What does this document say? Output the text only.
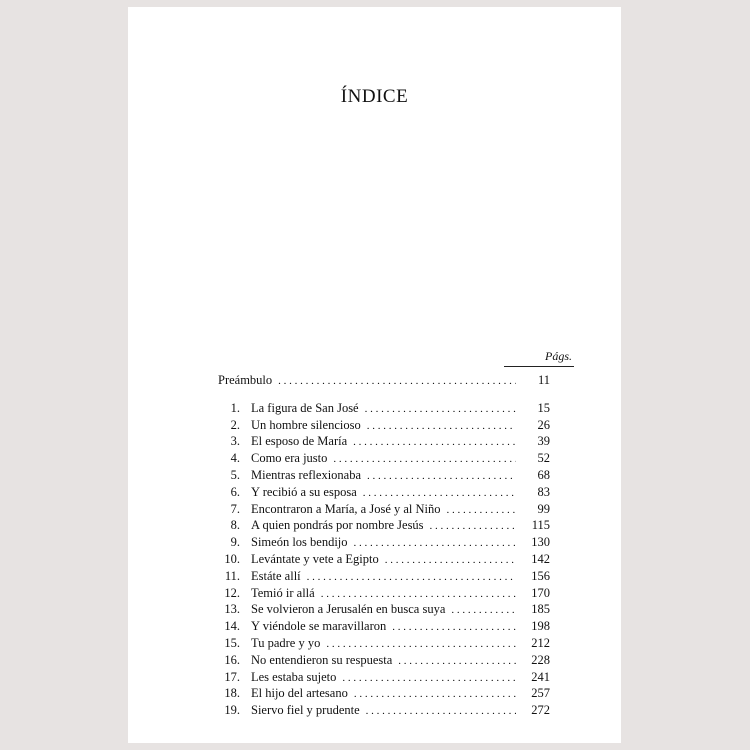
ÍNDICE
Págs.
Preámbulo . . .	11
1. La figura de San José . . .	15
2. Un hombre silencioso . . .	26
3. El esposo de María . . .	39
4. Como era justo . . .	52
5. Mientras reflexionaba . . .	68
6. Y recibió a su esposa . . .	83
7. Encontraron a María, a José y al Niño . . .	99
8. A quien pondrás por nombre Jesús . . .	115
9. Simeón los bendijo . . .	130
10. Levántate y vete a Egipto . . .	142
11. Estáte allí . . .	156
12. Temió ir allá . . .	170
13. Se volvieron a Jerusalén en busca suya . . .	185
14. Y viéndole se maravillaron . . .	198
15. Tu padre y yo . . .	212
16. No entendieron su respuesta . . .	228
17. Les estaba sujeto . . .	241
18. El hijo del artesano . . .	257
19. Siervo fiel y prudente . . .	272
